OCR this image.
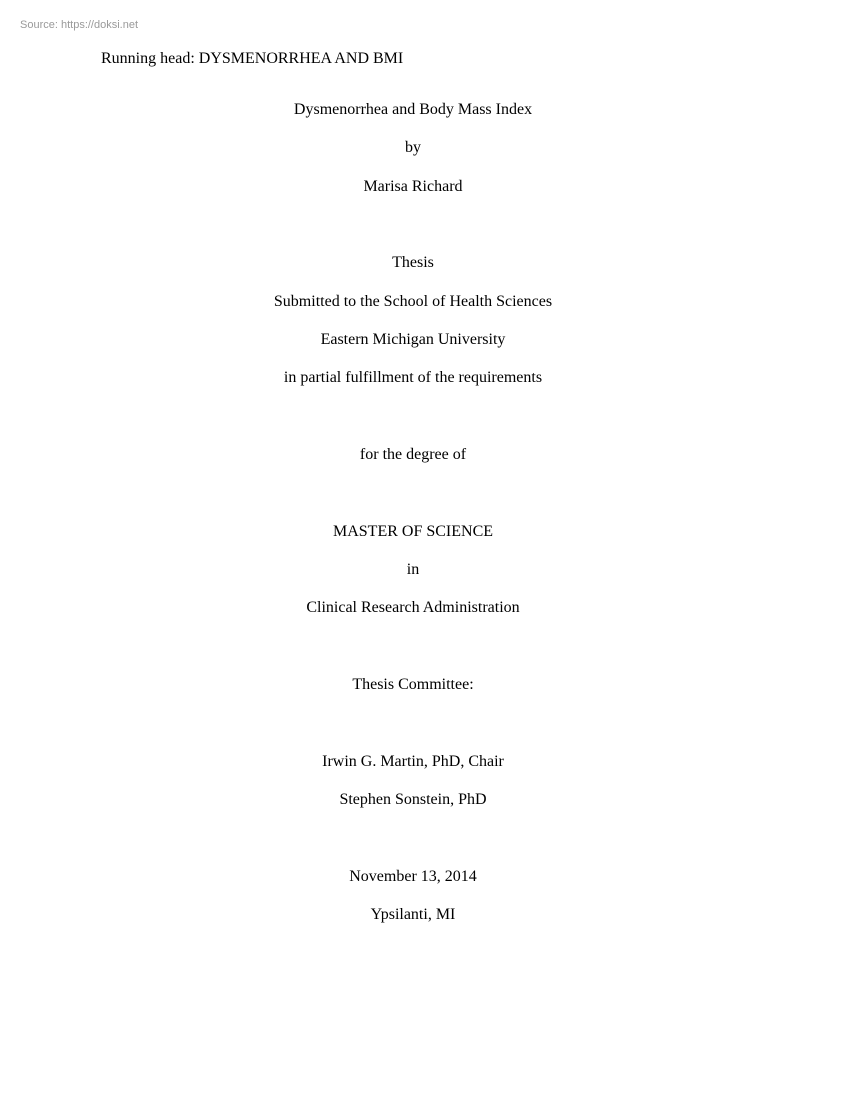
Source: https://doksi.net
Running head: DYSMENORRHEA AND BMI
Dysmenorrhea and Body Mass Index
by
Marisa Richard
Thesis
Submitted to the School of Health Sciences
Eastern Michigan University
in partial fulfillment of the requirements
for the degree of
MASTER OF SCIENCE
in
Clinical Research Administration
Thesis Committee:
Irwin G. Martin, PhD, Chair
Stephen Sonstein, PhD
November 13, 2014
Ypsilanti, MI
